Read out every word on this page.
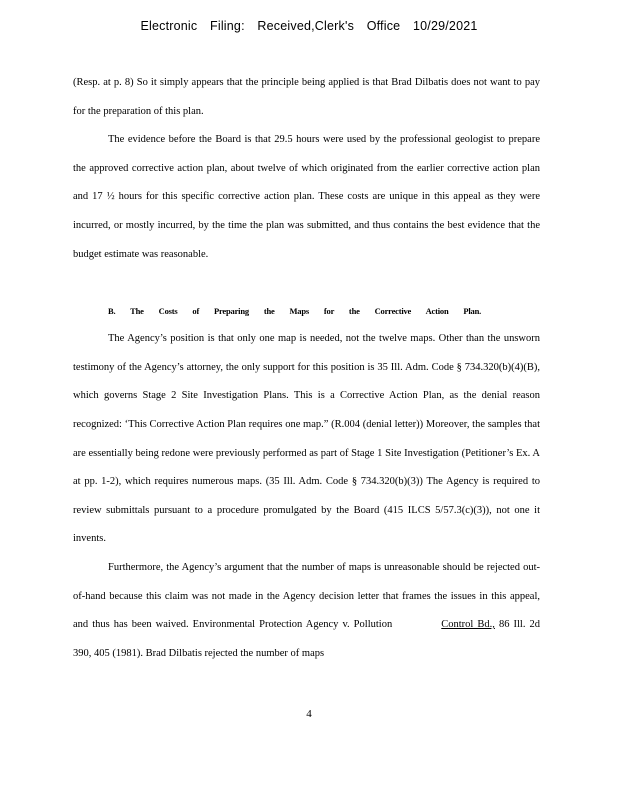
Electronic Filing: Received,Clerk's Office 10/29/2021

(Resp. at p. 8) So it simply appears that the principle being applied is that Brad Dilbatis does not want to pay for the preparation of this plan.

The evidence before the Board is that 29.5 hours were used by the professional geologist to prepare the approved corrective action plan, about twelve of which originated from the earlier corrective action plan and 17 ½ hours for this specific corrective action plan. These costs are unique in this appeal as they were incurred, or mostly incurred, by the time the plan was submitted, and thus contains the best evidence that the budget estimate was reasonable.

B. The Costs of Preparing the Maps for the Corrective Action Plan.

The Agency’s position is that only one map is needed, not the twelve maps. Other than the unsworn testimony of the Agency’s attorney, the only support for this position is 35 Ill. Adm. Code § 734.320(b)(4)(B), which governs Stage 2 Site Investigation Plans. This is a Corrective Action Plan, as the denial reason recognized: ‘This Corrective Action Plan requires one map.” (R.004 (denial letter)) Moreover, the samples that are essentially being redone were previously performed as part of Stage 1 Site Investigation (Petitioner’s Ex. A at pp. 1-2), which requires numerous maps. (35 Ill. Adm. Code § 734.320(b)(3)) The Agency is required to review submittals pursuant to a procedure promulgated by the Board (415 ILCS 5/57.3(c)(3)), not one it invents.

Furthermore, the Agency’s argument that the number of maps is unreasonable should be rejected out-of-hand because this claim was not made in the Agency decision letter that frames the issues in this appeal, and thus has been waived. Environmental Protection Agency v. Pollution	Control Bd., 86 Ill. 2d 390, 405 (1981). Brad Dilbatis rejected the number of maps

4
